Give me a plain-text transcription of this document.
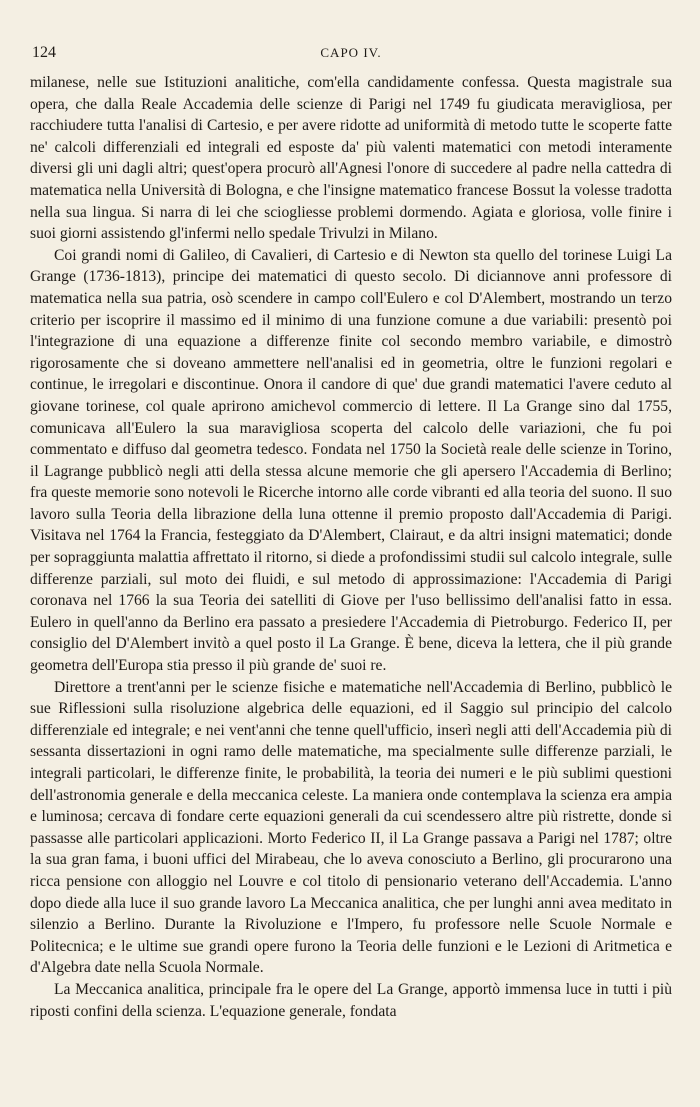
124	CAPO IV.

milanese, nelle sue Istituzioni analitiche, com'ella candidamente confessa. Questa magistrale sua opera, che dalla Reale Accademia delle scienze di Parigi nel 1749 fu giudicata meravigliosa, per racchiudere tutta l'analisi di Cartesio, e per avere ridotte ad uniformità di metodo tutte le scoperte fatte ne' calcoli differenziali ed integrali ed esposte da' più valenti matematici con metodi interamente diversi gli uni dagli altri; quest'opera procurò all'Agnesi l'onore di succedere al padre nella cattedra di matematica nella Università di Bologna, e che l'insigne matematico francese Bossut la volesse tradotta nella sua lingua. Si narra di lei che sciogliesse problemi dormendo. Agiata e gloriosa, volle finire i suoi giorni assistendo gl'infermi nello spedale Trivulzi in Milano.

Coi grandi nomi di Galileo, di Cavalieri, di Cartesio e di Newton sta quello del torinese Luigi La Grange (1736-1813), principe dei matematici di questo secolo. Di diciannove anni professore di matematica nella sua patria, osò scendere in campo coll'Eulero e col D'Alembert, mostrando un terzo criterio per iscoprire il massimo ed il minimo di una funzione comune a due variabili: presentò poi l'integrazione di una equazione a differenze finite col secondo membro variabile, e dimostrò rigorosamente che si doveano ammettere nell'analisi ed in geometria, oltre le funzioni regolari e continue, le irregolari e discontinue. Onora il candore di que' due grandi matematici l'avere ceduto al giovane torinese, col quale aprirono amichevol commercio di lettere. Il La Grange sino dal 1755, comunicava all'Eulero la sua maravigliosa scoperta del calcolo delle variazioni, che fu poi commentato e diffuso dal geometra tedesco. Fondata nel 1750 la Società reale delle scienze in Torino, il Lagrange pubblicò negli atti della stessa alcune memorie che gli apersero l'Accademia di Berlino; fra queste memorie sono notevoli le Ricerche intorno alle corde vibranti ed alla teoria del suono. Il suo lavoro sulla Teoria della librazione della luna ottenne il premio proposto dall'Accademia di Parigi. Visitava nel 1764 la Francia, festeggiato da D'Alembert, Clairaut, e da altri insigni matematici; donde per sopraggiunta malattia affrettato il ritorno, si diede a profondissimi studii sul calcolo integrale, sulle differenze parziali, sul moto dei fluidi, e sul metodo di approssimazione: l'Accademia di Parigi coronava nel 1766 la sua Teoria dei satelliti di Giove per l'uso bellissimo dell'analisi fatto in essa. Eulero in quell'anno da Berlino era passato a presiedere l'Accademia di Pietroburgo. Federico II, per consiglio del D'Alembert invitò a quel posto il La Grange. È bene, diceva la lettera, che il più grande geometra dell'Europa stia presso il più grande de' suoi re.

Direttore a trent'anni per le scienze fisiche e matematiche nell'Accademia di Berlino, pubblicò le sue Riflessioni sulla risoluzione algebrica delle equazioni, ed il Saggio sul principio del calcolo differenziale ed integrale; e nei vent'anni che tenne quell'ufficio, inserì negli atti dell'Accademia più di sessanta dissertazioni in ogni ramo delle matematiche, ma specialmente sulle differenze parziali, le integrali particolari, le differenze finite, le probabilità, la teoria dei numeri e le più sublimi questioni dell'astronomia generale e della meccanica celeste. La maniera onde contemplava la scienza era ampia e luminosa; cercava di fondare certe equazioni generali da cui scendessero altre più ristrette, donde si passasse alle particolari applicazioni. Morto Federico II, il La Grange passava a Parigi nel 1787; oltre la sua gran fama, i buoni uffici del Mirabeau, che lo aveva conosciuto a Berlino, gli procurarono una ricca pensione con alloggio nel Louvre e col titolo di pensionario veterano dell'Accademia. L'anno dopo diede alla luce il suo grande lavoro La Meccanica analitica, che per lunghi anni avea meditato in silenzio a Berlino. Durante la Rivoluzione e l'Impero, fu professore nelle Scuole Normale e Politecnica; e le ultime sue grandi opere furono la Teoria delle funzioni e le Lezioni di Aritmetica e d'Algebra date nella Scuola Normale.

La Meccanica analitica, principale fra le opere del La Grange, apportò immensa luce in tutti i più riposti confini della scienza. L'equazione generale, fondata
